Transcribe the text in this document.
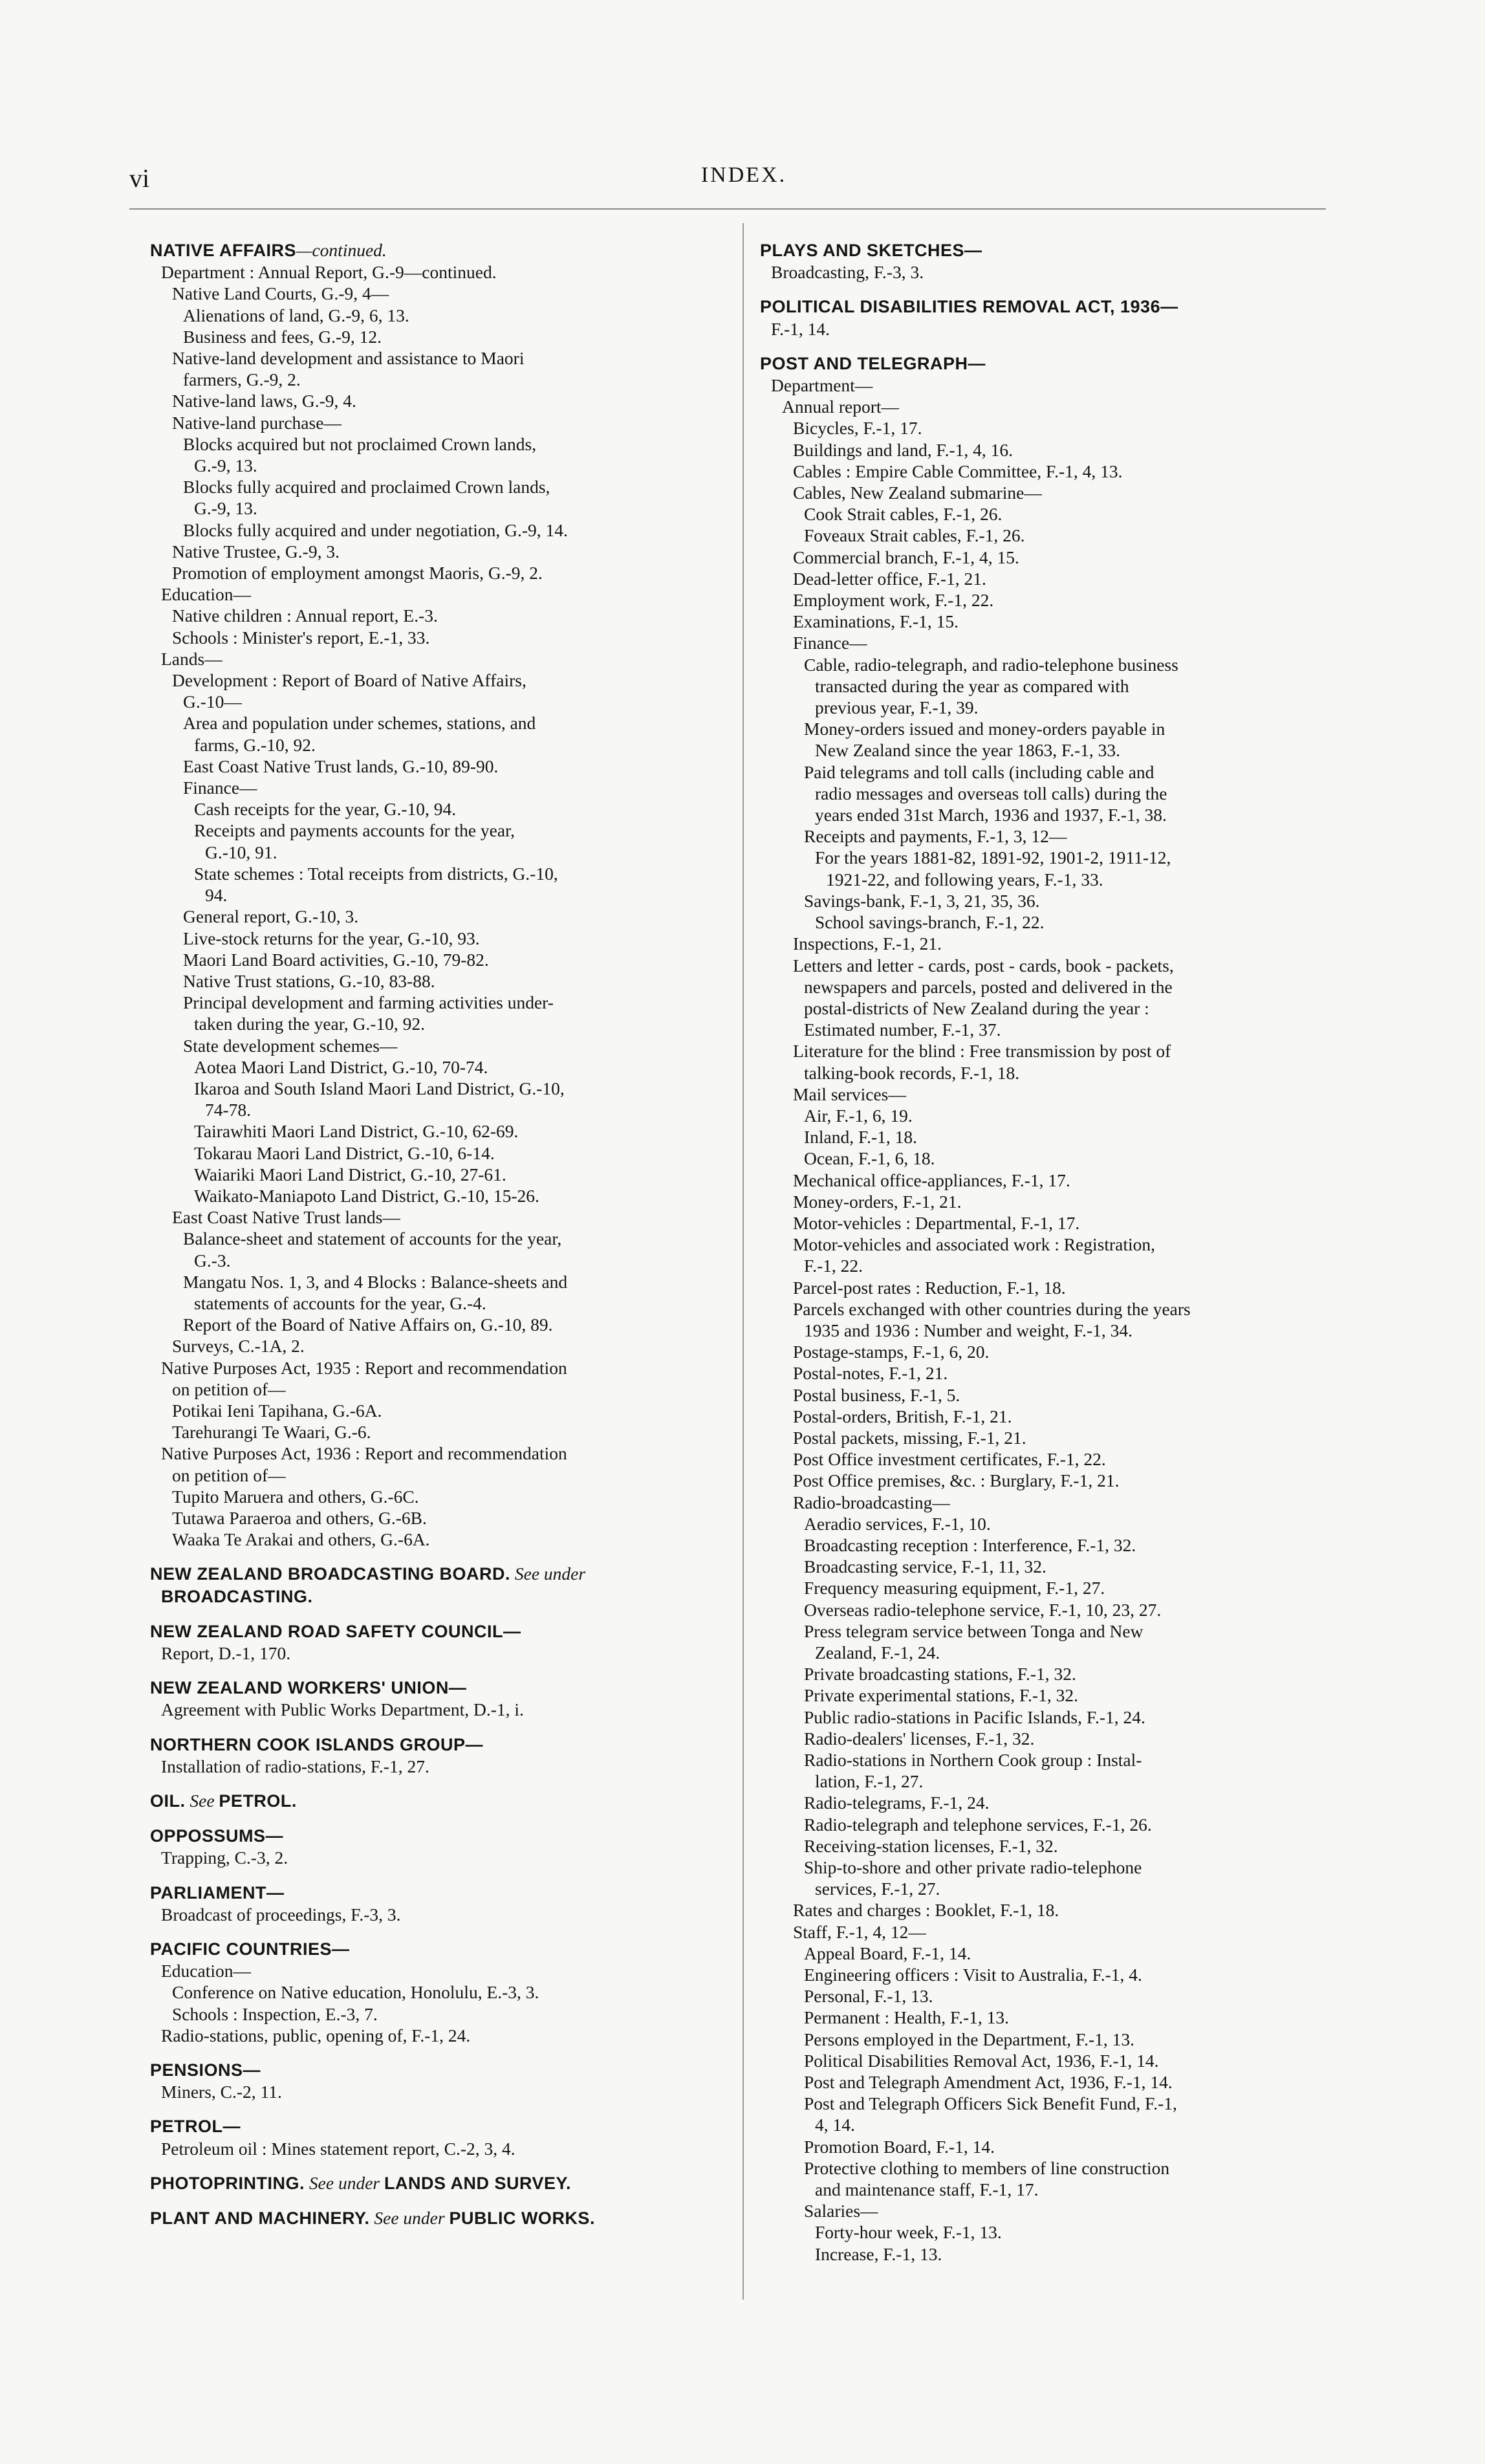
vi	INDEX.
NATIVE AFFAIRS—continued.
Department : Annual Report, G.-9—continued.
Native Land Courts, G.-9, 4—
Alienations of land, G.-9, 6, 13.
Business and fees, G.-9, 12.
Native-land development and assistance to Maori
farmers, G.-9, 2.
Native-land laws, G.-9, 4.
Native-land purchase—
Blocks acquired but not proclaimed Crown lands,
G.-9, 13.
Blocks fully acquired and proclaimed Crown lands,
G.-9, 13.
Blocks fully acquired and under negotiation, G.-9, 14.
Native Trustee, G.-9, 3.
Promotion of employment amongst Maoris, G.-9, 2.
Education—
Native children : Annual report, E.-3.
Schools : Minister's report, E.-1, 33.
Lands—
Development : Report of Board of Native Affairs,
G.-10—
Area and population under schemes, stations, and
farms, G.-10, 92.
East Coast Native Trust lands, G.-10, 89-90.
Finance—
Cash receipts for the year, G.-10, 94.
Receipts and payments accounts for the year,
G.-10, 91.
State schemes : Total receipts from districts, G.-10,
94.
General report, G.-10, 3.
Live-stock returns for the year, G.-10, 93.
Maori Land Board activities, G.-10, 79-82.
Native Trust stations, G.-10, 83-88.
Principal development and farming activities under-
taken during the year, G.-10, 92.
State development schemes—
Aotea Maori Land District, G.-10, 70-74.
Ikaroa and South Island Maori Land District, G.-10,
74-78.
Tairawhiti Maori Land District, G.-10, 62-69.
Tokarau Maori Land District, G.-10, 6-14.
Waiariki Maori Land District, G.-10, 27-61.
Waikato-Maniapoto Land District, G.-10, 15-26.
East Coast Native Trust lands—
Balance-sheet and statement of accounts for the year,
G.-3.
Mangatu Nos. 1, 3, and 4 Blocks : Balance-sheets and
statements of accounts for the year, G.-4.
Report of the Board of Native Affairs on, G.-10, 89.
Surveys, C.-1A, 2.
Native Purposes Act, 1935 : Report and recommendation
on petition of—
Potikai Ieni Tapihana, G.-6A.
Tarehurangi Te Waari, G.-6.
Native Purposes Act, 1936 : Report and recommendation
on petition of—
Tupito Maruera and others, G.-6C.
Tutawa Paraeroa and others, G.-6B.
Waaka Te Arakai and others, G.-6A.
NEW ZEALAND BROADCASTING BOARD. See under
BROADCASTING.
NEW ZEALAND ROAD SAFETY COUNCIL—
Report, D.-1, 170.
NEW ZEALAND WORKERS' UNION—
Agreement with Public Works Department, D.-1, i.
NORTHERN COOK ISLANDS GROUP—
Installation of radio-stations, F.-1, 27.
OIL. See PETROL.
OPPOSSUMS—
Trapping, C.-3, 2.
PARLIAMENT—
Broadcast of proceedings, F.-3, 3.
PACIFIC COUNTRIES—
Education—
Conference on Native education, Honolulu, E.-3, 3.
Schools : Inspection, E.-3, 7.
Radio-stations, public, opening of, F.-1, 24.
PENSIONS—
Miners, C.-2, 11.
PETROL—
Petroleum oil : Mines statement report, C.-2, 3, 4.
PHOTOPRINTING. See under LANDS AND SURVEY.
PLANT AND MACHINERY. See under PUBLIC WORKS.
PLAYS AND SKETCHES—
Broadcasting, F.-3, 3.
POLITICAL DISABILITIES REMOVAL ACT, 1936—
F.-1, 14.
POST AND TELEGRAPH—
Department—
Annual report—
Bicycles, F.-1, 17.
Buildings and land, F.-1, 4, 16.
Cables : Empire Cable Committee, F.-1, 4, 13.
Cables, New Zealand submarine—
Cook Strait cables, F.-1, 26.
Foveaux Strait cables, F.-1, 26.
Commercial branch, F.-1, 4, 15.
Dead-letter office, F.-1, 21.
Employment work, F.-1, 22.
Examinations, F.-1, 15.
Finance—
Cable, radio-telegraph, and radio-telephone business
transacted during the year as compared with
previous year, F.-1, 39.
Money-orders issued and money-orders payable in
New Zealand since the year 1863, F.-1, 33.
Paid telegrams and toll calls (including cable and
radio messages and overseas toll calls) during the
years ended 31st March, 1936 and 1937, F.-1, 38.
Receipts and payments, F.-1, 3, 12—
For the years 1881-82, 1891-92, 1901-2, 1911-12,
1921-22, and following years, F.-1, 33.
Savings-bank, F.-1, 3, 21, 35, 36.
School savings-branch, F.-1, 22.
Inspections, F.-1, 21.
Letters and letter - cards, post - cards, book - packets,
newspapers and parcels, posted and delivered in the
postal-districts of New Zealand during the year :
Estimated number, F.-1, 37.
Literature for the blind : Free transmission by post of
talking-book records, F.-1, 18.
Mail services—
Air, F.-1, 6, 19.
Inland, F.-1, 18.
Ocean, F.-1, 6, 18.
Mechanical office-appliances, F.-1, 17.
Money-orders, F.-1, 21.
Motor-vehicles : Departmental, F.-1, 17.
Motor-vehicles and associated work : Registration,
F.-1, 22.
Parcel-post rates : Reduction, F.-1, 18.
Parcels exchanged with other countries during the years
1935 and 1936 : Number and weight, F.-1, 34.
Postage-stamps, F.-1, 6, 20.
Postal-notes, F.-1, 21.
Postal business, F.-1, 5.
Postal-orders, British, F.-1, 21.
Postal packets, missing, F.-1, 21.
Post Office investment certificates, F.-1, 22.
Post Office premises, &c. : Burglary, F.-1, 21.
Radio-broadcasting—
Aeradio services, F.-1, 10.
Broadcasting reception : Interference, F.-1, 32.
Broadcasting service, F.-1, 11, 32.
Frequency measuring equipment, F.-1, 27.
Overseas radio-telephone service, F.-1, 10, 23, 27.
Press telegram service between Tonga and New
Zealand, F.-1, 24.
Private broadcasting stations, F.-1, 32.
Private experimental stations, F.-1, 32.
Public radio-stations in Pacific Islands, F.-1, 24.
Radio-dealers' licenses, F.-1, 32.
Radio-stations in Northern Cook group : Instal-
lation, F.-1, 27.
Radio-telegrams, F.-1, 24.
Radio-telegraph and telephone services, F.-1, 26.
Receiving-station licenses, F.-1, 32.
Ship-to-shore and other private radio-telephone
services, F.-1, 27.
Rates and charges : Booklet, F.-1, 18.
Staff, F.-1, 4, 12—
Appeal Board, F.-1, 14.
Engineering officers : Visit to Australia, F.-1, 4.
Personal, F.-1, 13.
Permanent : Health, F.-1, 13.
Persons employed in the Department, F.-1, 13.
Political Disabilities Removal Act, 1936, F.-1, 14.
Post and Telegraph Amendment Act, 1936, F.-1, 14.
Post and Telegraph Officers Sick Benefit Fund, F.-1,
4, 14.
Promotion Board, F.-1, 14.
Protective clothing to members of line construction
and maintenance staff, F.-1, 17.
Salaries—
Forty-hour week, F.-1, 13.
Increase, F.-1, 13.
